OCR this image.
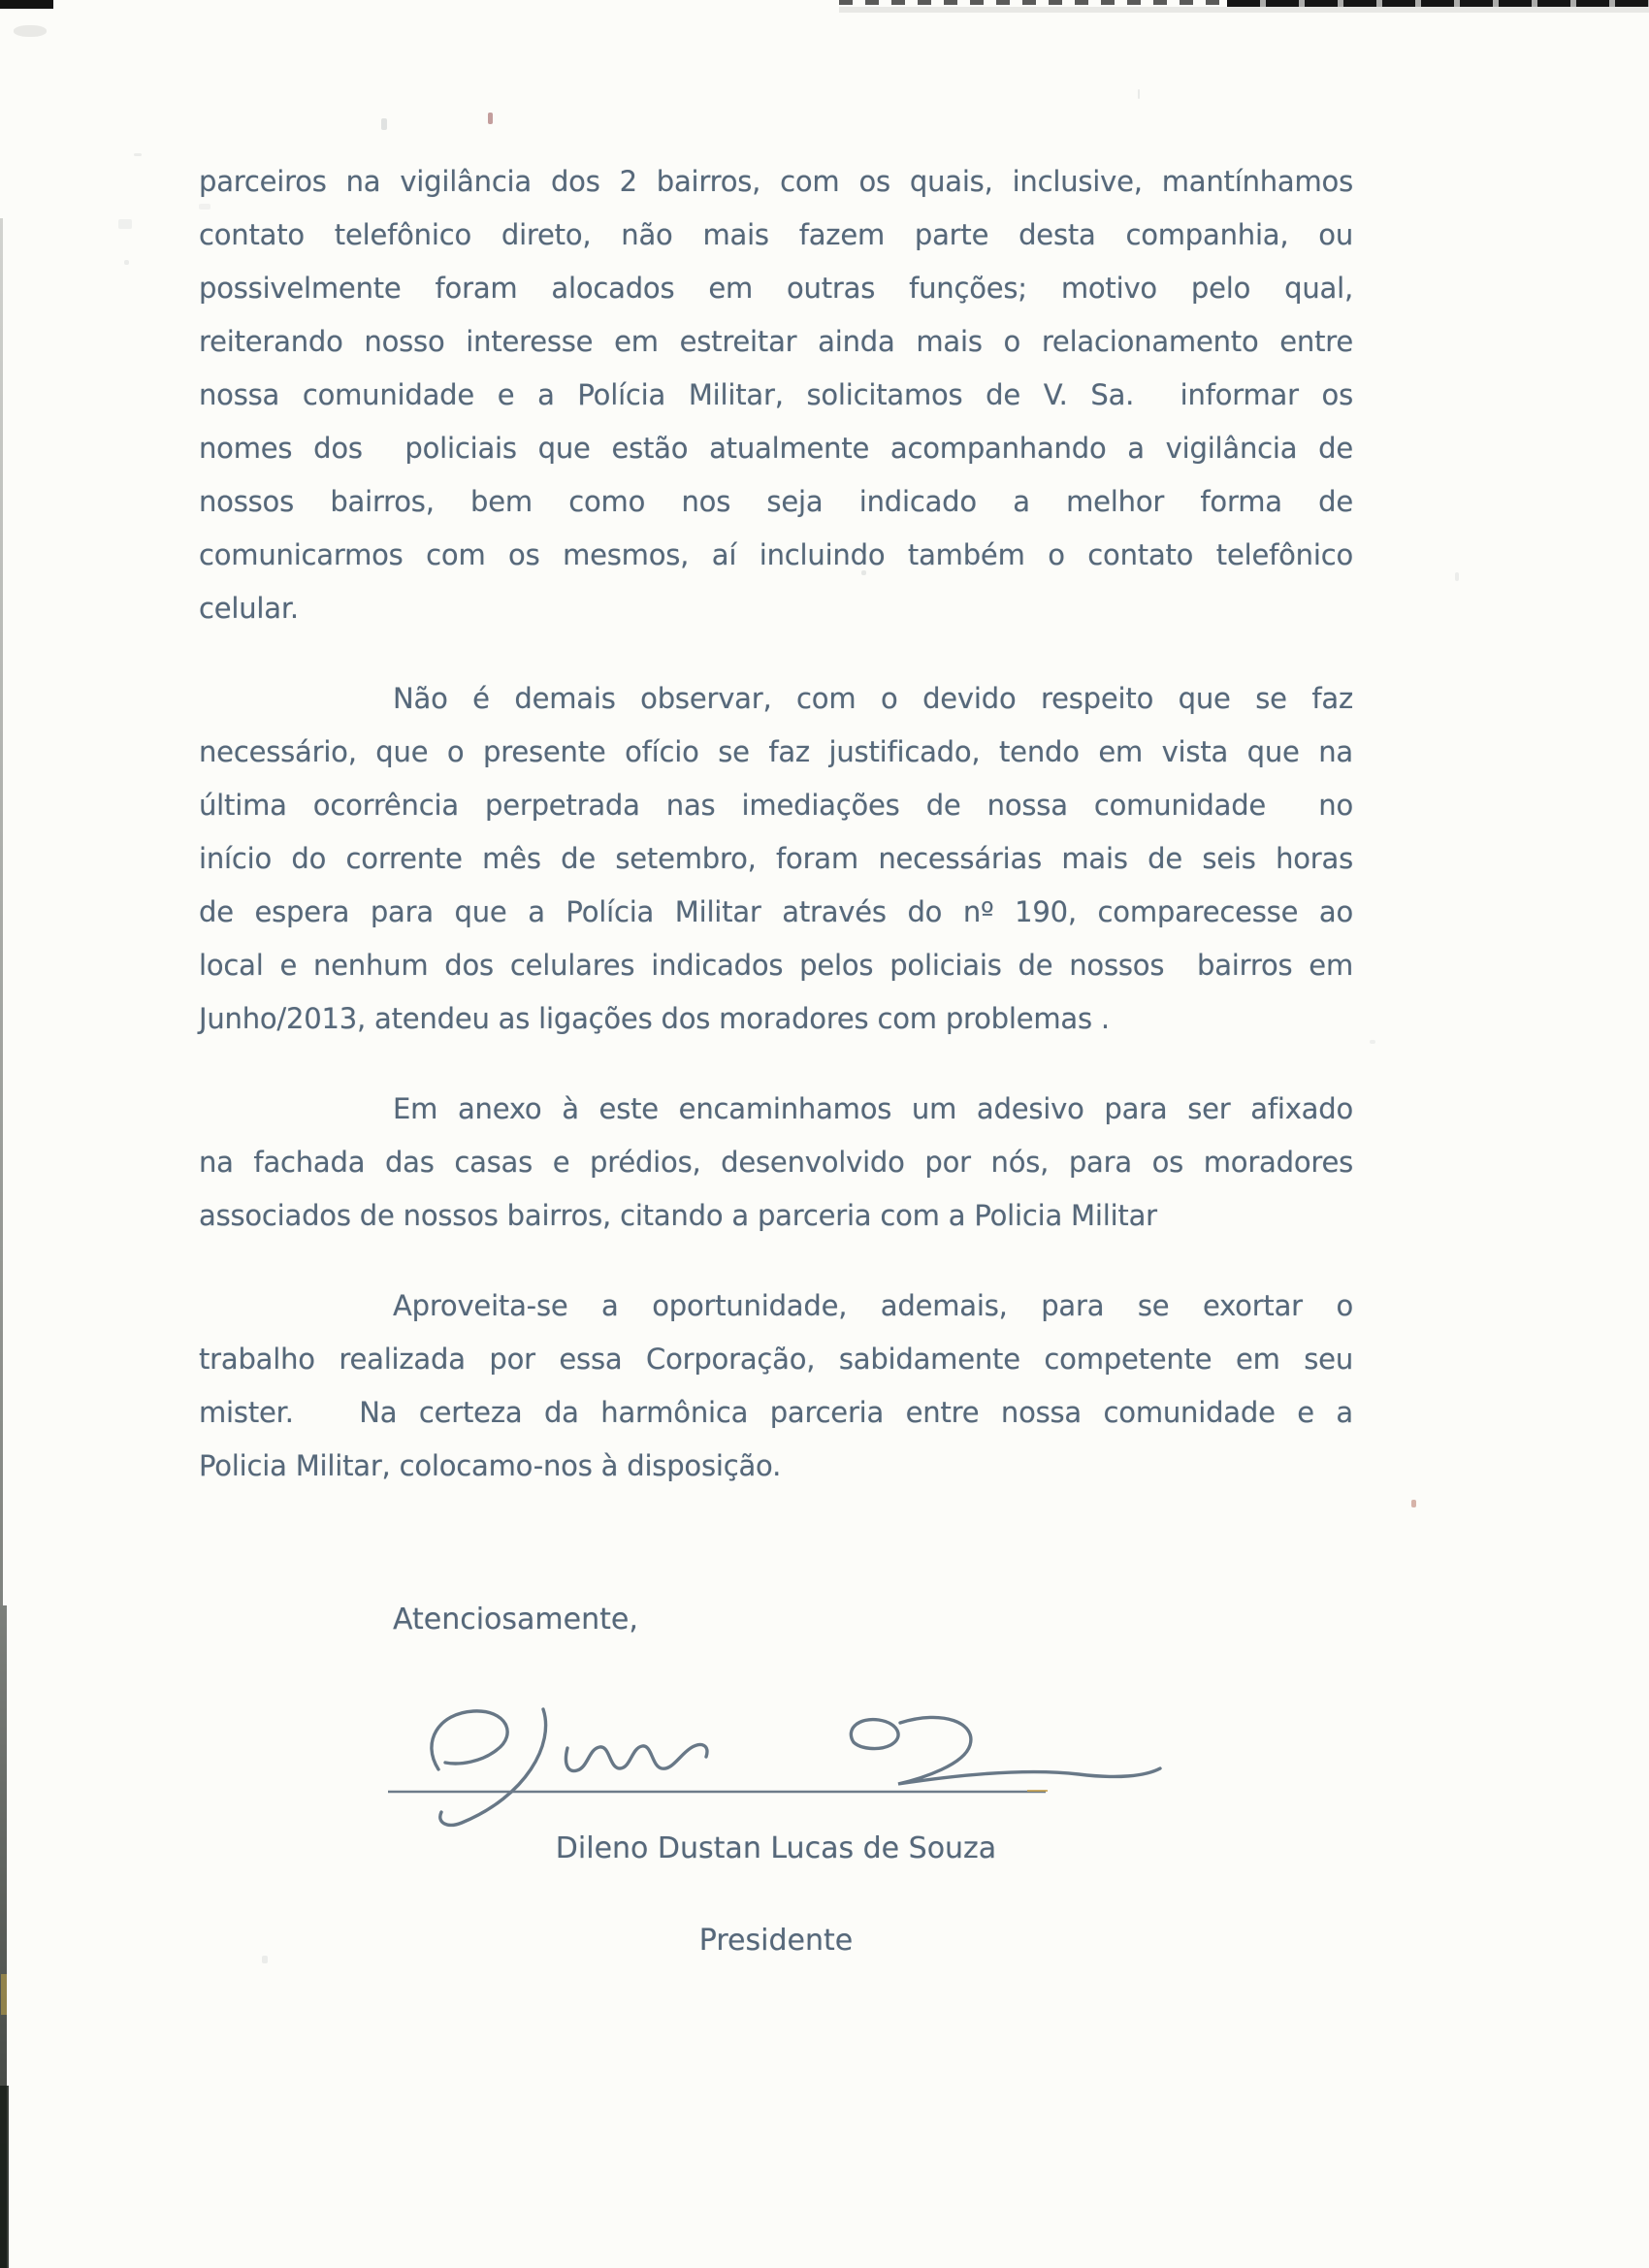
parceiros na vigilância dos 2 bairros, com os quais, inclusive, mantínhamos
contato telefônico direto, não mais fazem parte desta companhia, ou
possivelmente foram alocados em outras funções; motivo pelo qual,
reiterando nosso interesse em estreitar ainda mais o relacionamento entre
nossa comunidade e a Polícia Militar, solicitamos de V. Sa.  informar os
nomes dos  policiais que estão atualmente acompanhando a vigilância de
nossos bairros, bem como nos seja indicado a melhor forma de
comunicarmos com os mesmos, aí incluindo também o contato telefônico
celular.
Não é demais observar, com o devido respeito que se faz
necessário, que o presente ofício se faz justificado, tendo em vista que na
última ocorrência perpetrada nas imediações de nossa comunidade  no
início do corrente mês de setembro, foram necessárias mais de seis horas
de espera para que a Polícia Militar através do nº 190, comparecesse ao
local e nenhum dos celulares indicados pelos policiais de nossos  bairros em
Junho/2013, atendeu as ligações dos moradores com problemas .
Em anexo à este encaminhamos um adesivo para ser afixado
na fachada das casas e prédios, desenvolvido por nós, para os moradores
associados de nossos bairros, citando a parceria com a Policia Militar
Aproveita-se a oportunidade, ademais, para se exortar o
trabalho realizada por essa Corporação, sabidamente competente em seu
mister.   Na certeza da harmônica parceria entre nossa comunidade e a
Policia Militar, colocamo-nos à disposição.
Atenciosamente,
Dileno Dustan Lucas de Souza
Presidente
